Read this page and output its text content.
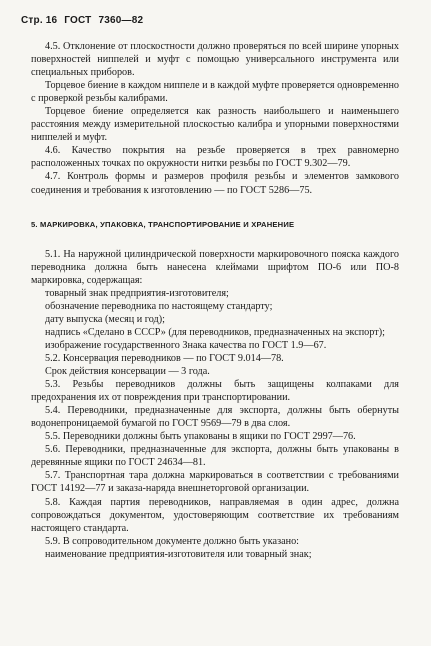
Стр. 16 ГОСТ 7360—82

4.5. Отклонение от плоскостности должно проверяться по всей ширине упорных поверхностей ниппелей и муфт с помощью универсального инструмента или специальных приборов.

Торцевое биение в каждом ниппеле и в каждой муфте проверяется одновременно с проверкой резьбы калибрами.

Торцевое биение определяется как разность наибольшего и наименьшего расстояния между измерительной плоскостью калибра и упорными поверхностями ниппелей и муфт.

4.6. Качество покрытия на резьбе проверяется в трех равномерно расположенных точках по окружности нитки резьбы по ГОСТ 9.302—79.

4.7. Контроль формы и размеров профиля резьбы и элементов замкового соединения и требования к изготовлению — по ГОСТ 5286—75.

5. МАРКИРОВКА, УПАКОВКА, ТРАНСПОРТИРОВАНИЕ И ХРАНЕНИЕ

5.1. На наружной цилиндрической поверхности маркировочного пояска каждого переводника должна быть нанесена клеймами шрифтом ПО-6 или ПО-8 маркировка, содержащая:

товарный знак предприятия-изготовителя;

обозначение переводника по настоящему стандарту;

дату выпуска (месяц и год);

надпись «Сделано в СССР» (для переводников, предназначенных на экспорт);

изображение государственного Знака качества по ГОСТ 1.9—67.

5.2. Консервация переводников — по ГОСТ 9.014—78.

Срок действия консервации — 3 года.

5.3. Резьбы переводников должны быть защищены колпаками для предохранения их от повреждения при транспортировании.

5.4. Переводники, предназначенные для экспорта, должны быть обернуты водонепроницаемой бумагой по ГОСТ 9569—79 в два слоя.

5.5. Переводники должны быть упакованы в ящики по ГОСТ 2997—76.

5.6. Переводники, предназначенные для экспорта, должны быть упакованы в деревянные ящики по ГОСТ 24634—81.

5.7. Транспортная тара должна маркироваться в соответствии с требованиями ГОСТ 14192—77 и заказа-наряда внешнеторговой организации.

5.8. Каждая партия переводников, направляемая в один адрес, должна сопровождаться документом, удостоверяющим соответствие их требованиям настоящего стандарта.

5.9. В сопроводительном документе должно быть указано:

наименование предприятия-изготовителя или товарный знак;
